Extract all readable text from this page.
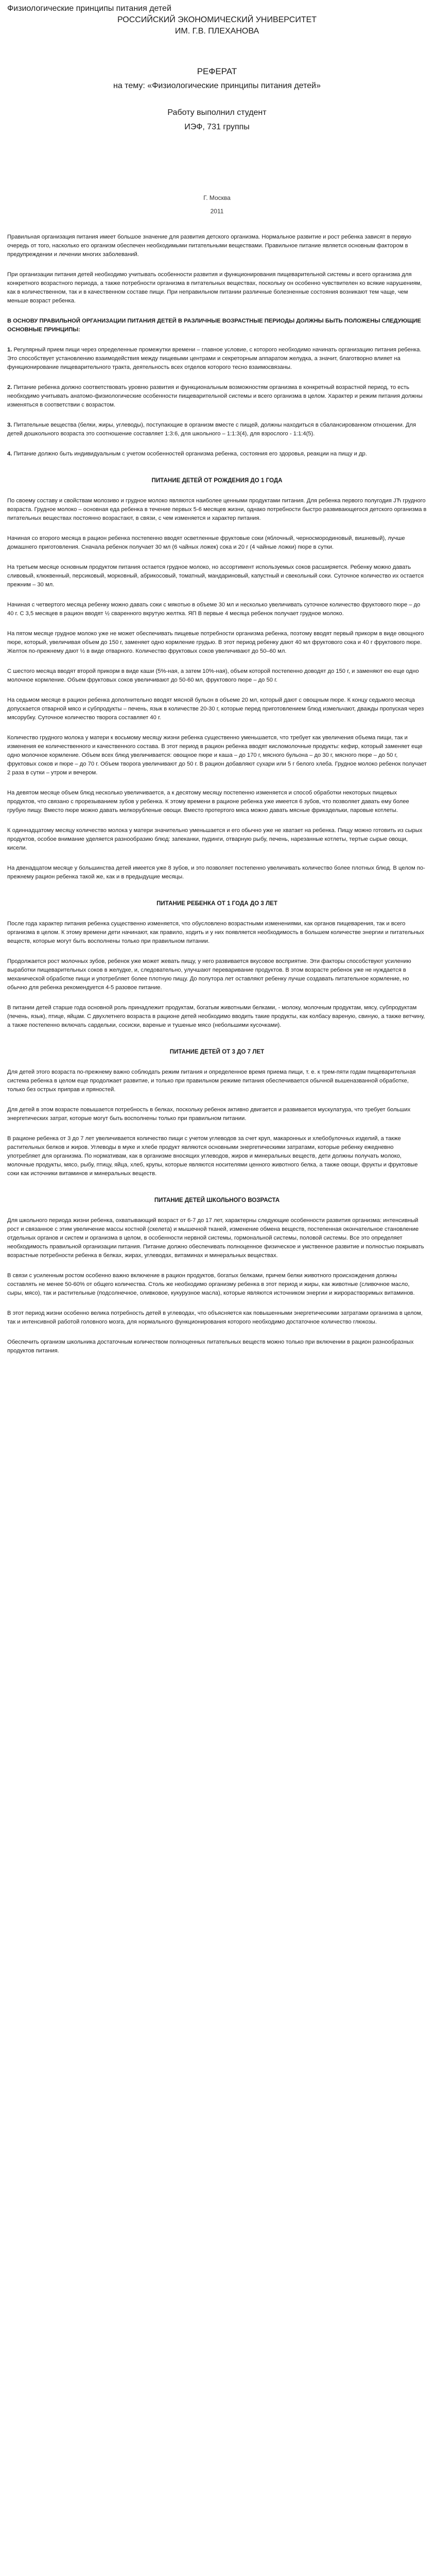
Физиологические принципы питания детей

РОССИЙСКИЙ ЭКОНОМИЧЕСКИЙ УНИВЕРСИТЕТ

ИМ. Г.В. ПЛЕХАНОВА

РЕФЕРАТ

на тему: «Физиологические принципы питания детей»

Работу выполнил студент

ИЭФ, 731 группы

Г. Москва

2011

Правильная организация питания имеет большое значение для развития детского организма. Нормальное развитие и рост ребенка зависят в первую очередь от того, насколько его организм обеспечен необходимыми питательными веществами. Правильное питание является основным фактором в предупреждении и лечении многих заболеваний.

При организации питания детей необходимо учитывать особенности развития и функционирования пищеварительной системы и всего организма для конкретного возрастного периода, а также потребности организма в питательных веществах, поскольку он особенно чувствителен ко всякие нарушениям, как в количественном, так и в качественном составе пищи. При неправильном питании различные болезненные состояния возникают тем чаще, чем меньше возраст ребенка.

В ОСНОВУ ПРАВИЛЬНОЙ ОРГАНИЗАЦИИ ПИТАНИЯ ДЕТЕЙ В РАЗЛИЧНЫЕ ВОЗРАСТНЫЕ ПЕРИОДЫ ДОЛЖНЫ БЫТЬ ПОЛОЖЕНЫ СЛЕДУЮЩИЕ ОСНОВНЫЕ ПРИНЦИПЫ:

1. Регулярный прием пищи через определенные промежутки времени – главное условие, с которого необходимо начинать организацию питания ребенка. Это способствует установлению взаимодействия между пищевыми центрами и секреторным аппаратом желудка, а значит, благотворно влияет на функционирование пищеварительного тракта, деятельность всех отделов которого тесно взаимосвязаны.

2. Питание ребенка должно соответствовать уровню развития и функциональным возможностям организма в конкретный возрастной период, то есть необходимо учитывать анатомо-физиологические особенности пищеварительной системы и всего организма в целом. Характер и режим питания должны изменяться в соответствии с возрастом.

3. Питательные вещества (белки, жиры, углеводы), поступающие в организм вместе с пищей, должны находиться в сбалансированном отношении. Для детей дошкольного возраста это соотношение составляет 1:3:6, для школьного – 1:1:3(4), для взрослого - 1:1:4(5).

4. Питание должно быть индивидуальным с учетом особенностей организма ребенка, состояния его здоровья, реакции на пищу и др.

ПИТАНИЕ ДЕТЕЙ ОТ РОЖДЕНИЯ ДО 1 ГОДА

По своему составу и свойствам молозиво и грудное молоко являются наиболее ценными продуктами питания. Для ребенка первого полугодия ЈЋ грудного возраста. Грудное молоко – основная еда ребенка в течение первых 5-6 месяцев жизни, однако потребности быстро развивающегося детского организма в питательных веществах постоянно возрастают, в связи, с чем изменяется и характер питания.

Начиная со второго месяца в рацион ребенка постепенно вводят осветленные фруктовые соки (яблочный, черносмородиновый, вишневый), лучше домашнего приготовления. Сначала ребенок получает 30 мл (6 чайных ложек) сока и 20 г (4 чайные ложки) пюре в сутки.

На третьем месяце основным продуктом питания остается грудное молоко, но ассортимент используемых соков расширяется. Ребенку можно давать сливовый, клюквенный, персиковый, морковный, абрикосовый, томатный, мандариновый, капустный и свекольный соки. Суточное количество их остается прежним – 30 мл.

Начиная с четвертого месяца ребенку можно давать соки с мякотью в объеме 30 мл и несколько увеличивать суточное количество фруктового пюре – до 40 г. С 3,5 месяцев в рацион вводят ½ сваренного вкрутую желтка. ЯП В первые 4 месяца ребенок получает грудное молоко.

На пятом месяце грудное молоко уже не может обеспечивать пищевые потребности организма ребенка, поэтому вводят первый прикорм в виде овощного пюре, который, увеличивая объем до 150 г, заменяет одно кормление грудью. В этот период ребенку дают 40 мл фруктового сока и 40 г фруктового пюре. Желток по-прежнему дают ½ в виде отварного. Количество фруктовых соков увеличивают до 50–60 мл.

С шестого месяца вводят второй прикорм в виде каши (5%-ная, а затем 10%-ная), объем которой постепенно доводят до 150 г, и заменяют ею еще одно молочное кормление. Объем фруктовых соков увеличивают до 50-60 мл, фруктового пюре – до 50 г.

На седьмом месяце в рацион ребенка дополнительно вводят мясной бульон в объеме 20 мл, который дают с овощным пюре. К концу седьмого месяца допускается отварной мясо и субпродукты – печень, язык в количестве 20-30 г, которые перед приготовлением блюд измельчают, дважды пропуская через мясорубку. Суточное количество творога составляет 40 г.

Количество грудного молока у матери к восьмому месяцу жизни ребенка существенно уменьшается, что требует как увеличения объема пищи, так и изменения ее количественного и качественного состава. В этот период в рацион ребенка вводят кисломолочные продукты: кефир, который заменяет еще одно молочное кормление. Объем всех блюд увеличивается: овощное пюре и каша – до 170 г, мясного бульона – до 30 г, мясного пюре – до 50 г, фруктовых соков и пюре – до 70 г. Объем творога увеличивают до 50 г. В рацион добавляют сухари или 5 г белого хлеба. Грудное молоко ребенок получает 2 раза в сутки – утром и вечером.

На девятом месяце объем блюд несколько увеличивается, а к десятому месяцу постепенно изменяется и способ обработки некоторых пищевых продуктов, что связано с прорезыванием зубов у ребенка. К этому времени в рационе ребенка уже имеется 6 зубов, что позволяет давать ему более грубую пищу. Вместо пюре можно давать мелкорубленые овощи. Вместо протертого мяса можно давать мясные фрикадельки, паровые котлеты.

К одиннадцатому месяцу количество молока у матери значительно уменьшается и его обычно уже не хватает на ребенка. Пищу можно готовить из сырых продуктов, особое внимание уделяется разнообразию блюд: запеканки, пудинги, отварную рыбу, печень, нарезанные котлеты, тертые сырые овощи, кисели.

На двенадцатом месяце у большинства детей имеется уже 8 зубов, и это позволяет постепенно увеличивать количество более плотных блюд. В целом по-прежнему рацион ребенка такой же, как и в предыдущие месяцы.

ПИТАНИЕ РЕБЕНКА ОТ 1 ГОДА ДО 3 ЛЕТ

После года характер питания ребенка существенно изменяется, что обусловлено возрастными изменениями, как органов пищеварения, так и всего организма в целом. К этому времени дети начинают, как правило, ходить и у них появляется необходимость в большем количестве энергии и питательных веществ, которые могут быть восполнены только при правильном питании.

Продолжается рост молочных зубов, ребенок уже может жевать пищу, у него развивается вкусовое восприятие. Эти факторы способствуют усилению выработки пищеварительных соков в желудке, и, следовательно, улучшают переваривание продуктов. В этом возрасте ребенок уже не нуждается в механической обработке пищи и употребляет более плотную пищу. До полутора лет оставляют ребенку лучше создавать питательное кормление, но обычно для ребенка рекомендуется 4-5 разовое питание.

В питании детей старше года основной роль принадлежит продуктам, богатым животными белками, - молоку, молочным продуктам, мясу, субпродуктам (печень, язык), птице, яйцам. С двухлетнего возраста в рационе детей необходимо вводить такие продукты, как колбасу вареную, свиную, а также ветчину, а также постепенно включать сардельки, сосиски, вареные и тушеные мясо (небольшими кусочками).

ПИТАНИЕ ДЕТЕЙ ОТ 3 ДО 7 ЛЕТ

Для детей этого возраста по-прежнему важно соблюдать режим питания и определенное время приема пищи, т. е. к трем-пяти годам пищеварительная система ребенка в целом еще продолжает развитие, и только при правильном режиме питания обеспечивается обычной вышеназванной обработке, только без острых приправ и пряностей.

Для детей в этом возрасте повышается потребность в белках, поскольку ребенок активно двигается и развивается мускулатура, что требует больших энергетических затрат, которые могут быть восполнены только при правильном питании.

В рационе ребенка от 3 до 7 лет увеличивается количество пищи с учетом углеводов за счет круп, макаронных и хлебобулочных изделий, а также растительных белков и жиров. Углеводы в муке и хлебе продукт являются основными энергетическими затратами, которые ребенку ежедневно употребляет для организма. По нормативам, как в организме вносящих углеводов, жиров и минеральных веществ, дети должны получать молоко, молочные продукты, мясо, рыбу, птицу, яйца, хлеб, крупы, которые являются носителями ценного животного белка, а также овощи, фрукты и фруктовые соки как источники витаминов и минеральных веществ.

ПИТАНИЕ ДЕТЕЙ ШКОЛЬНОГО ВОЗРАСТА

Для школьного периода жизни ребенка, охватывающий возраст от 6-7 до 17 лет, характерны следующие особенности развития организма: интенсивный рост и связанное с этим увеличение массы костной (скелета) и мышечной тканей, изменение обмена веществ, постепенная окончательное становление отдельных органов и систем и организма в целом, в особенности нервной системы, гормональной системы, половой системы. Все это определяет необходимость правильной организации питания. Питание должно обеспечивать полноценное физическое и умственное развитие и полностью покрывать возрастные потребности ребенка в белках, жирах, углеводах, витаминах и минеральных веществах.

В связи с усиленным ростом особенно важно включение в рацион продуктов, богатых белками, причем белки животного происхождения должны составлять не менее 50-60% от общего количества. Столь же необходимо организму ребенка в этот период и жиры, как животные (сливочное масло, сыры, мясо), так и растительные (подсолнечное, оливковое, кукурузное масла), которые являются источником энергии и жирорастворимых витаминов.

В этот период жизни особенно велика потребность детей в углеводах, что объясняется как повышенными энергетическими затратами организма в целом, так и интенсивной работой головного мозга, для нормального функционирования которого необходимо достаточное количество глюкозы.

Обеспечить организм школьника достаточным количеством полноценных питательных веществ можно только при включении в рацион разнообразных продуктов питания.
